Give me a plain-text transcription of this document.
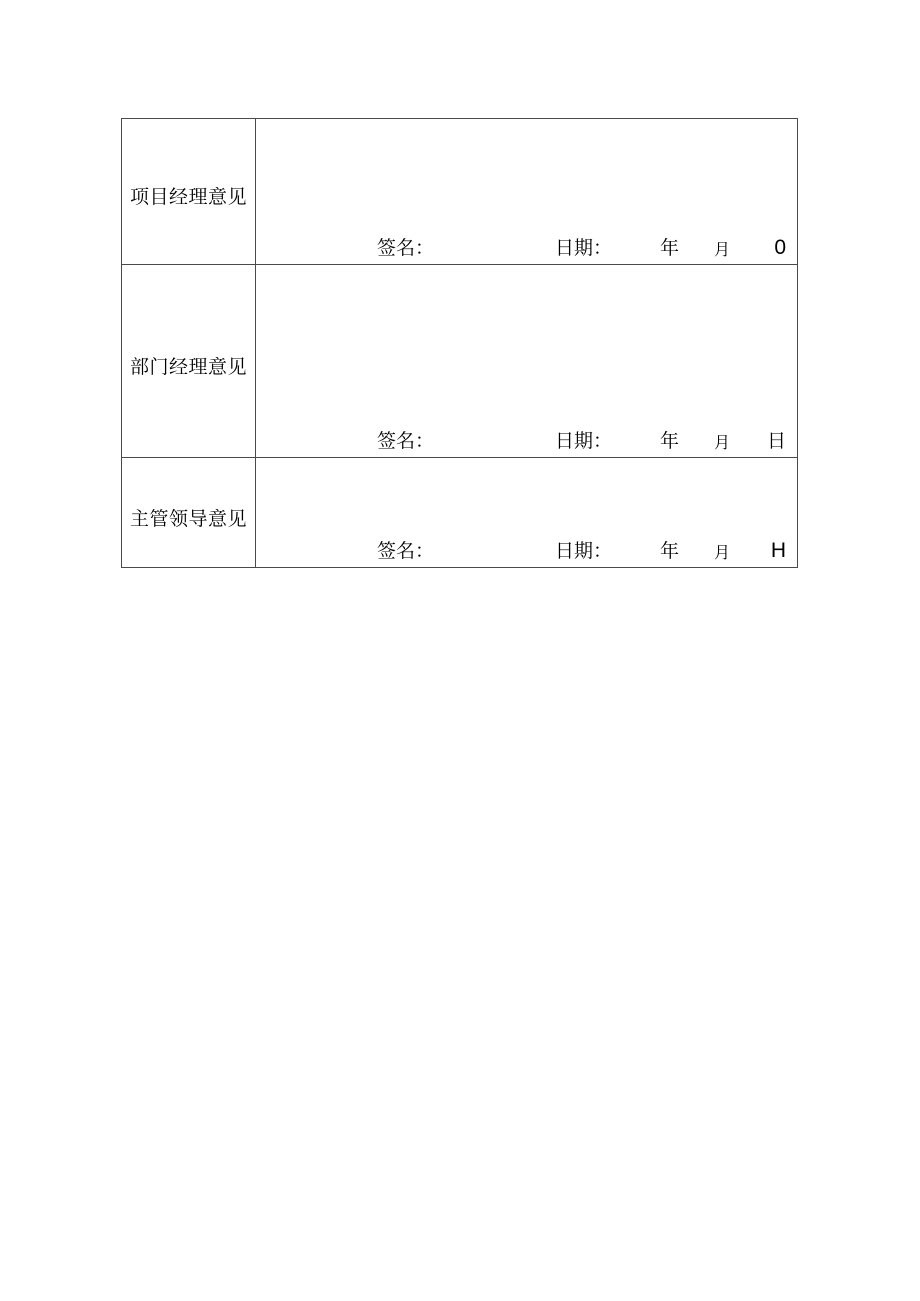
项目经理意见	签名： 日期： 年 月 0

部门经理意见	签名： 日期： 年 月 日

主管领导意见	签名： 日期： 年 月 H
